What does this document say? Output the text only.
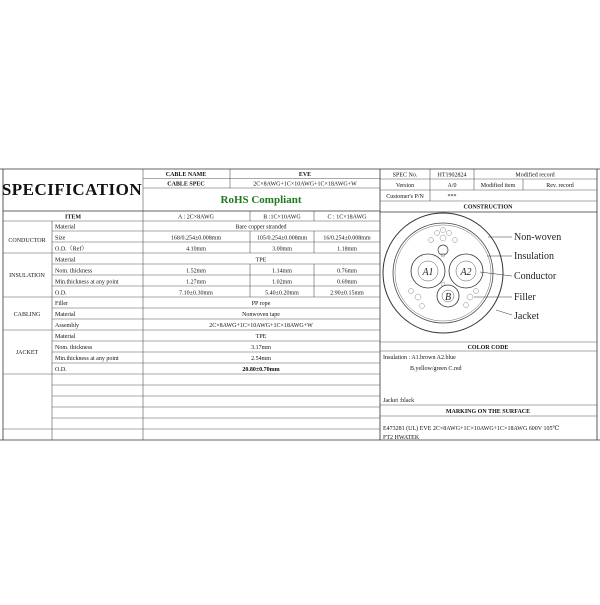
SPECIFICATION
CABLE NAME	EVE
CABLE SPEC	2C×8AWG+1C×10AWG+1C×18AWG+W
RoHS Compliant
SPEC No.	HT1902824	Modified record
Version	A/0	Modified item	Rev. record
Customer's P/N	***
CONSTRUCTION
COLOR CODE
MARKING ON THE SURFACE
ITEM	A : 2C×8AWG	B :1C×10AWG	C : 1C×18AWG
CONDUCTOR
Material	Bare copper stranded
Size	168/0.254±0.008mm	105/0.254±0.008mm	16/0.254±0.008mm
O.D.（Ref）	4.10mm	3.00mm	1.18mm
INSULATION
Material	TPE
Nom. thickness	1.52mm	1.14mm	0.76mm
Min.thickness at any point	1.27mm	1.02mm	0.69mm
O.D.	7.10±0.30mm	5.40±0.20mm	2.90±0.15mm
CABLING
Filler	PP rope
Material	Nonwoven tape
Assembly	2C×8AWG+1C×10AWG+1C×18AWG+W
JACKET
Material	TPE
Nom. thickness	3.17mm
Min.thickness at any point	2.54mm
O.D.	20.80±0.70mm
A1	A2
B
Non-woven
Insulation
Conductor
Filler
Jacket
Insulation : A1.brown A2.blue
B.yellow/green C.red
Jacket :black
E473281 (UL) EVE 2C×8AWG+1C×10AWG+1C×18AWG 600V 105℃
FT2 HWATEK
